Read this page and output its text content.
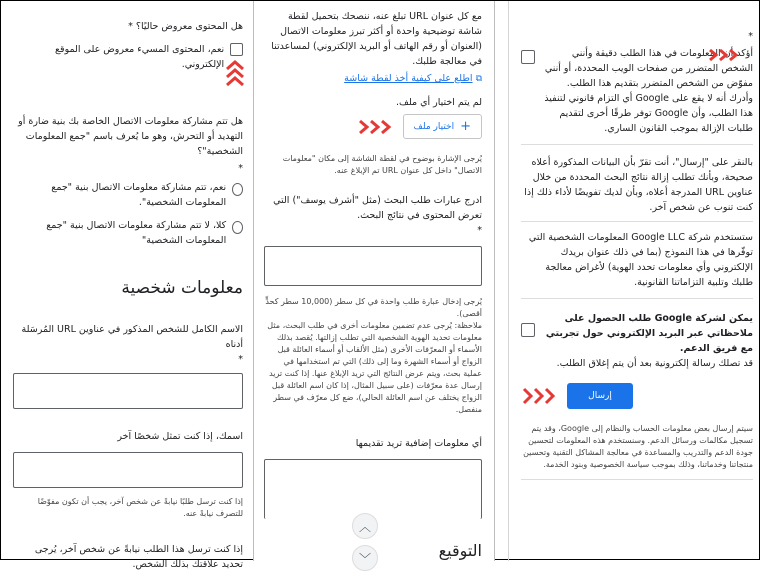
هل المحتوى معروض حاليًا؟ *
نعم، المحتوى المسيء معروض على الموقع الإلكتروني.
هل تتم مشاركة معلومات الاتصال الخاصة بك بنية ضارة أو التهديد أو التحرش، وهو ما يُعرف باسم "جمع المعلومات الشخصية"؟
*
نعم، تتم مشاركة معلومات الاتصال بنية "جمع المعلومات الشخصية".
كلا، لا تتم مشاركة معلومات الاتصال بنية "جمع المعلومات الشخصية"
معلومات شخصية
الاسم الكامل للشخص المذكور في عناوين URL المُرسَلة أدناه
*
اسمك، إذا كنت تمثل شخصًا آخر
إذا كنت ترسل طلبًا نيابةً عن شخص آخر، يجب أن تكون مفوّضًا للتصرف نيابةً عنه.
إذا كنت ترسل هذا الطلب نيابةً عن شخص آخر، يُرجى تحديد علاقتك بذلك الشخص.
مع كل عنوان URL تبلغ عنه، ننصحك بتحميل لقطة شاشة توضيحية واحدة أو أكثر تبرز معلومات الاتصال (العنوان أو رقم الهاتف أو البريد الإلكتروني) لمساعدتنا في معالجة طلبك.
⧉ اطلع على كيفية أخذ لقطة شاشة
لم يتم اختيار أي ملف.
+
اختيار ملف
يُرجى الإشارة بوضوح في لقطة الشاشة إلى مكان "معلومات الاتصال" داخل كل عنوان URL تم الإبلاغ عنه.
ادرج عبارات طلب البحث (مثل "أشرف يوسف") التي تعرض المحتوى في نتائج البحث.
*
يُرجى إدخال عبارة طلب واحدة في كل سطر (10,000 سطر كحدٍّ أقصى).
ملاحظة: يُرجى عدم تضمين معلومات أخرى في طلب البحث، مثل معلومات تحديد الهوية الشخصية التي تطلب إزالتها. يُقصد بذلك الأسماء أو المعرّفات الأخرى (مثل الألقاب أو أسماء العائلة قبل الزواج أو أسماء الشهرة وما إلى ذلك) التي تم استخدامها في عملية بحث، ويتم عرض النتائج التي تريد الإبلاغ عنها. إذا كنت تريد إرسال عدة معرّفات (على سبيل المثال، إذا كان اسم العائلة قبل الزواج يختلف عن اسم العائلة الحالي)، ضع كل معرّف في سطر منفصل.
أي معلومات إضافية تريد تقديمها
︿
﹀	التوقيع
*
أؤكد أن المعلومات في هذا الطلب دقيقة وأنني الشخص المتضرر من صفحات الويب المحددة، أو أنني مفوّض من الشخص المتضرر بتقديم هذا الطلب. وأدرك أنه لا يقع على Google أي التزام قانوني لتنفيذ هذا الطلب، وأن Google توفر طرقًا أخرى لتقديم طلبات الإزالة بموجب القانون الساري.
بالنقر على "إرسال"، أنت تقرّ بأن البيانات المذكورة أعلاه صحيحة، وبأنك تطلب إزالة نتائج البحث المحددة من خلال عناوين URL المدرجة أعلاه، وبأن لديك تفويضًا لأداء ذلك إذا كنت تنوب عن شخص آخر.
ستستخدم شركة Google LLC المعلومات الشخصية التي توفّرها في هذا النموذج (بما في ذلك عنوان بريدك الإلكتروني وأي معلومات تحدد الهوية) لأغراض معالجة طلبك وتلبية التزاماتنا القانونية.
يمكن لشركة Google طلب الحصول على ملاحظاتي عبر البريد الإلكتروني حول تجربتي مع فريق الدعم.
قد تصلك رسالة إلكترونية بعد أن يتم إغلاق الطلب.
إرسال
سيتم إرسال بعض معلومات الحساب والنظام إلى Google، وقد يتم تسجيل مكالمات ورسائل الدعم. وسنستخدم هذه المعلومات لتحسين جودة الدعم والتدريب والمساعدة في معالجة المشاكل التقنية وتحسين منتجاتنا وخدماتنا، وذلك بموجب سياسة الخصوصية وبنود الخدمة.
